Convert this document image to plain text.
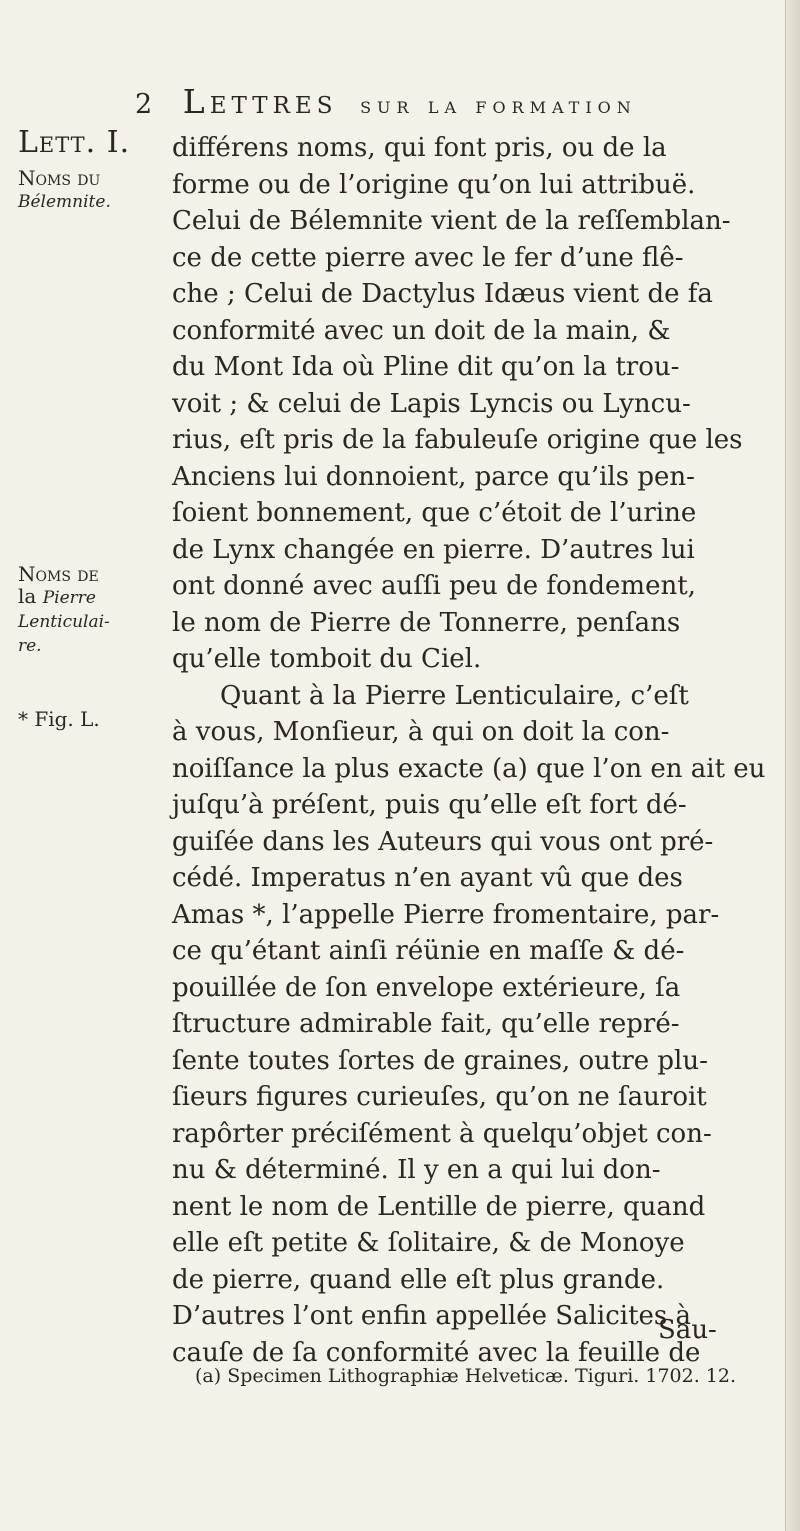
2 Lettres sur la formation
Lett. I.
Noms du
Bélemnite.
Noms de
la Pierre
Lenticulai-
re.
* Fig. L.

différens noms, qui font pris, ou de la
forme ou de l’origine qu’on lui attribuë.
Celui de Bélemnite vient de la reſſemblan-
ce de cette pierre avec le fer d’une flê-
che ; Celui de Dactylus Idæus vient de fa
conformité avec un doit de la main, &
du Mont Ida où Pline dit qu’on la trou-
voit ; & celui de Lapis Lyncis ou Lyncu-
rius, eſt pris de la fabuleuſe origine que les
Anciens lui donnoient, parce qu’ils pen-
ſoient bonnement, que c’étoit de l’urine
de Lynx changée en pierre. D’autres lui
ont donné avec auſſi peu de fondement,
le nom de Pierre de Tonnerre, penſans
qu’elle tomboit du Ciel.

Quant à la Pierre Lenticulaire, c’eſt

à vous, Monſieur, à qui on doit la con-
noiſſance la plus exacte (a) que l’on en ait eu
juſqu’à préſent, puis qu’elle eſt fort dé-
guiſée dans les Auteurs qui vous ont pré-
cédé. Imperatus n’en ayant vû que des
Amas *, l’appelle Pierre fromentaire, par-
ce qu’étant ainſi réünie en maſſe & dé-
pouillée de ſon envelope extérieure, ſa
ſtructure admirable fait, qu’elle repré-
ſente toutes ſortes de graines, outre plu-
ſieurs figures curieuſes, qu’on ne ſauroit
rapôrter préciſément à quelqu’objet con-
nu & déterminé. Il y en a qui lui don-
nent le nom de Lentille de pierre, quand
elle eſt petite & ſolitaire, & de Monoye
de pierre, quand elle eſt plus grande.
D’autres l’ont enfin appellée Salicites à
cauſe de ſa conformité avec la feuille de

Sau-
(a) Specimen Lithographiæ Helveticæ. Tiguri. 1702. 12.
